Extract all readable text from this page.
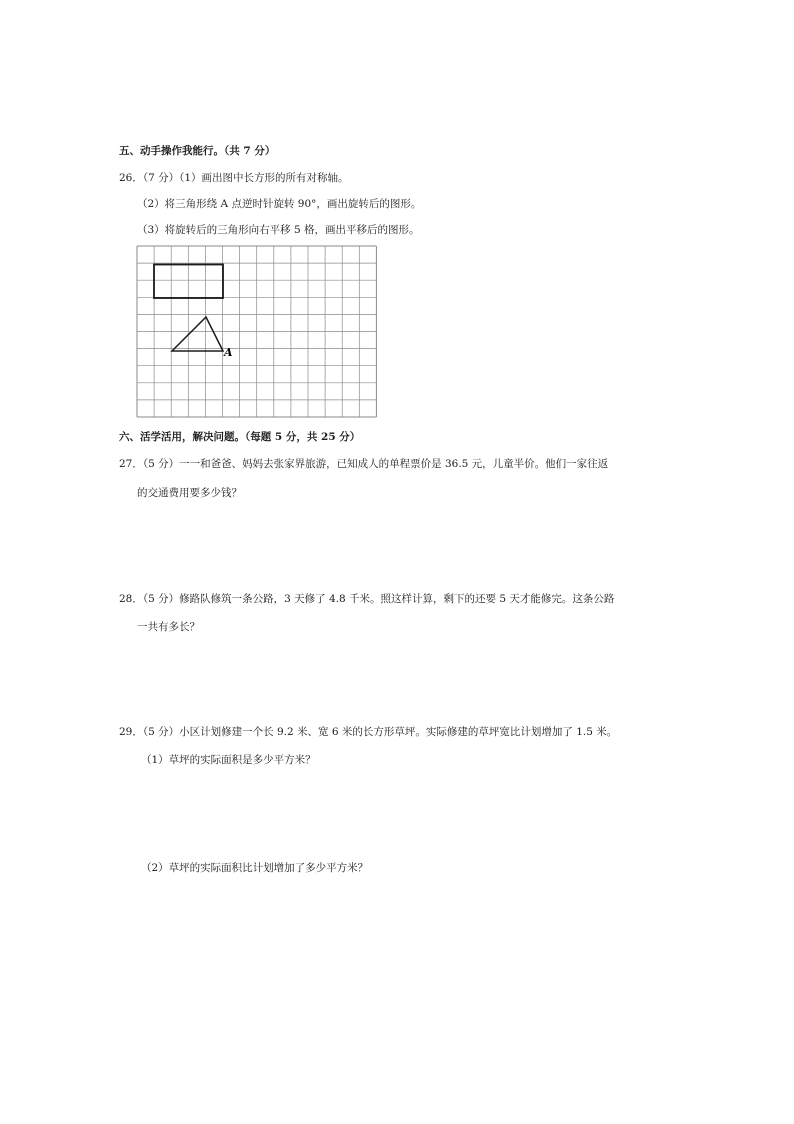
五、动手操作我能行。（共 7 分）
26．（7 分）（1）画出图中长方形的所有对称轴。
（2）将三角形绕 A 点逆时针旋转 90°，画出旋转后的图形。
（3）将旋转后的三角形向右平移 5 格，画出平移后的图形。
A
六、活学活用，解决问题。（每题 5 分，共 25 分）
27．（5 分）一一和爸爸、妈妈去张家界旅游，已知成人的单程票价是 36.5 元，儿童半价。他们一家往返
的交通费用要多少钱？
28．（5 分）修路队修筑一条公路，3 天修了 4.8 千米。照这样计算，剩下的还要 5 天才能修完。这条公路
一共有多长？
29．（5 分）小区计划修建一个长 9.2 米、宽 6 米的长方形草坪。实际修建的草坪宽比计划增加了 1.5 米。
（1）草坪的实际面积是多少平方米？
（2）草坪的实际面积比计划增加了多少平方米？
